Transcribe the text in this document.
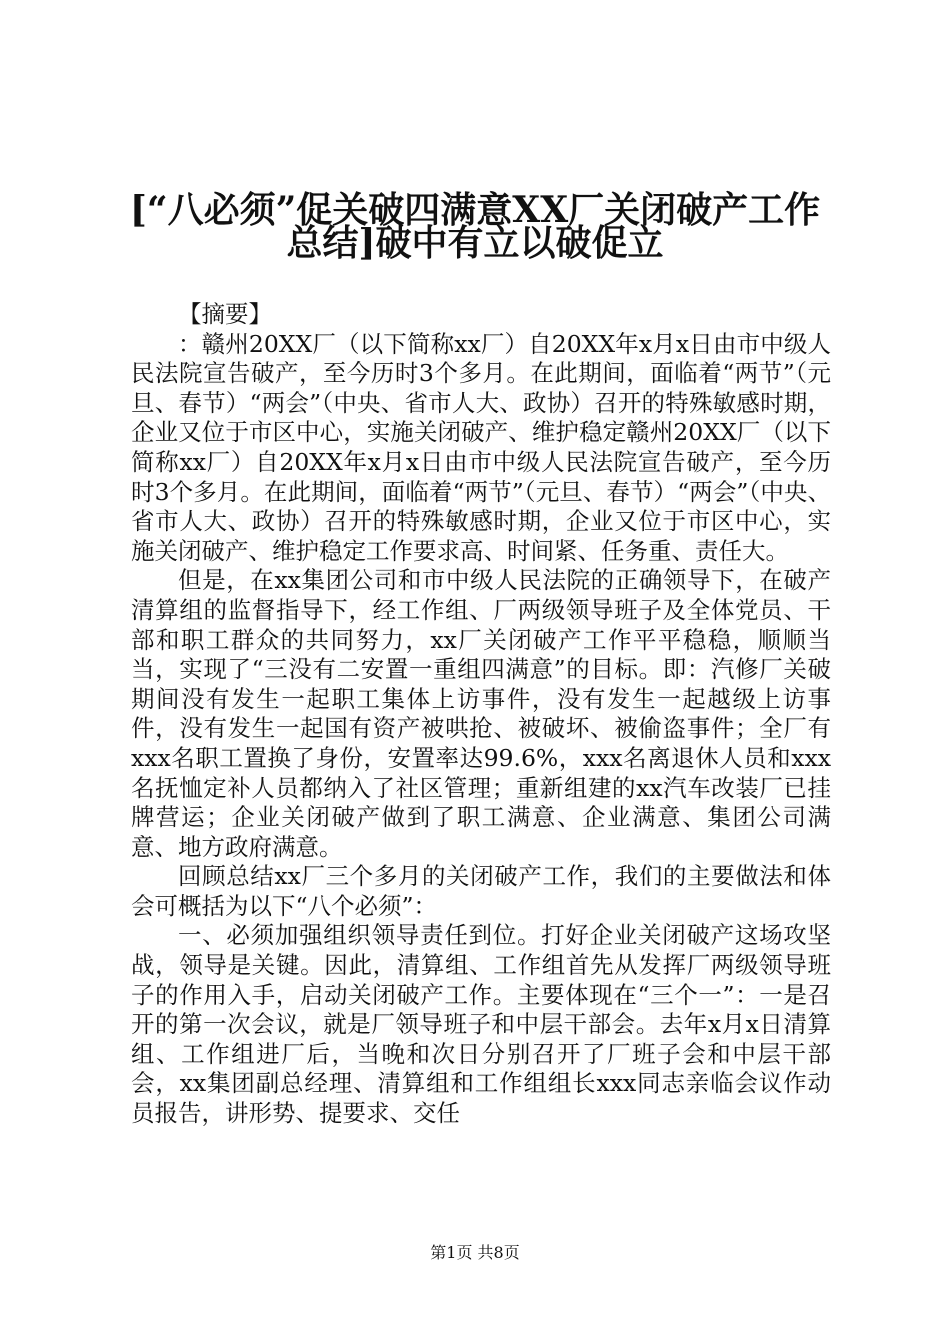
[“八必须”促关破四满意XX厂关闭破产工作
总结]破中有立以破促立

【摘要】

：赣州20XX厂（以下简称xx厂）自20XX年x月x日由市中级人民法院宣告破产，至今历时3个多月。在此期间，面临着“两节”（元旦、春节）“两会”（中央、省市人大、政协）召开的特殊敏感时期，企业又位于市区中心，实施关闭破产、维护稳定赣州20XX厂（以下简称xx厂）自20XX年x月x日由市中级人民法院宣告破产，至今历时3个多月。在此期间，面临着“两节”（元旦、春节）“两会”（中央、省市人大、政协）召开的特殊敏感时期，企业又位于市区中心，实施关闭破产、维护稳定工作要求高、时间紧、任务重、责任大。

但是，在xx集团公司和市中级人民法院的正确领导下，在破产清算组的监督指导下，经工作组、厂两级领导班子及全体党员、干部和职工群众的共同努力，xx厂关闭破产工作平平稳稳，顺顺当当，实现了“三没有二安置一重组四满意”的目标。即：汽修厂关破期间没有发生一起职工集体上访事件，没有发生一起越级上访事件，没有发生一起国有资产被哄抢、被破坏、被偷盗事件；全厂有xxx名职工置换了身份，安置率达99.6%，xxx名离退休人员和xxx名抚恤定补人员都纳入了社区管理；重新组建的xx汽车改装厂已挂牌营运；企业关闭破产做到了职工满意、企业满意、集团公司满意、地方政府满意。

回顾总结xx厂三个多月的关闭破产工作，我们的主要做法和体会可概括为以下“八个必须”：

一、必须加强组织领导责任到位。打好企业关闭破产这场攻坚战，领导是关键。因此，清算组、工作组首先从发挥厂两级领导班子的作用入手，启动关闭破产工作。主要体现在“三个一”：一是召开的第一次会议，就是厂领导班子和中层干部会。去年x月x日清算组、工作组进厂后，当晚和次日分别召开了厂班子会和中层干部会，xx集团副总经理、清算组和工作组组长xxx同志亲临会议作动员报告，讲形势、提要求、交任

第1页 共8页
